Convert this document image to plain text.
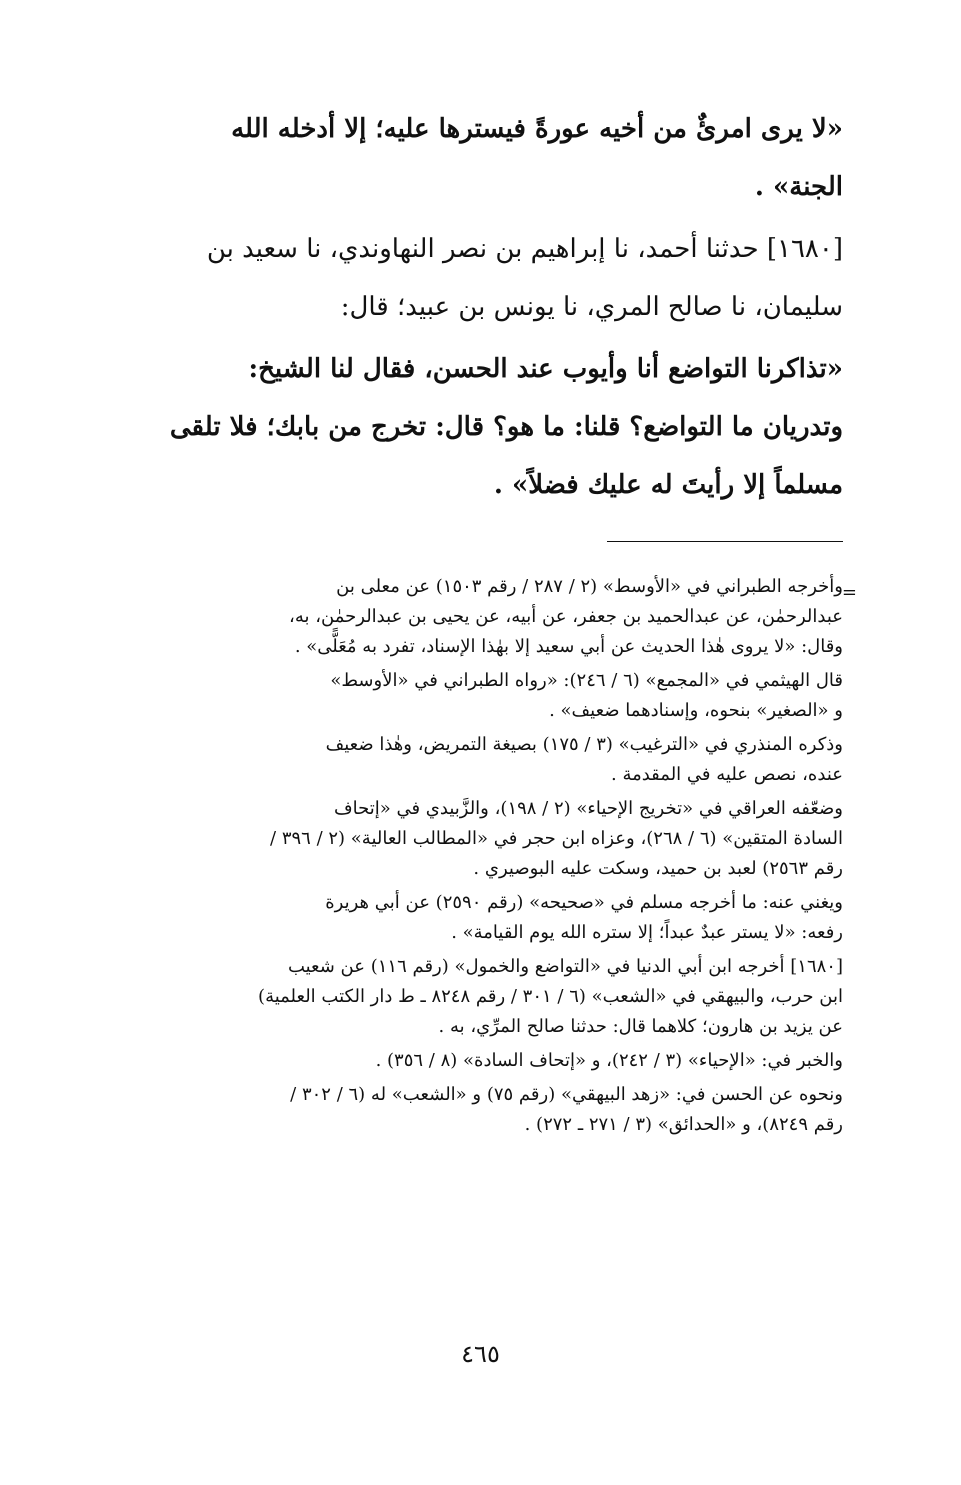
«لا يرى امرئٌ من أخيه عورةً فيسترها عليه؛ إلا أدخله الله

الجنة» .

[١٦٨٠] حدثنا أحمد، نا إبراهيم بن نصر النهاوندي، نا سعيد بن

سليمان، نا صالح المري، نا يونس بن عبيد؛ قال:

«تذاكرنا التواضع أنا وأيوب عند الحسن، فقال لنا الشيخ:

وتدريان ما التواضع؟ قلنا: ما هو؟ قال: تخرج من بابك؛ فلا تلقى

مسلماً إلا رأيتَ له عليك فضلاً» .

=

وأخرجه الطبراني في «الأوسط» (٢ / ٢٨٧ / رقم ١٥٠٣) عن معلى بن

عبدالرحمٰن، عن عبدالحميد بن جعفر، عن أبيه، عن يحيى بن عبدالرحمٰن، به،

وقال: «لا يروى هٰذا الحديث عن أبي سعيد إلا بهٰذا الإسناد، تفرد به مُعَلًّى» .

قال الهيثمي في «المجمع» (٦ / ٢٤٦): «رواه الطبراني في «الأوسط»

و «الصغير» بنحوه، وإسنادهما ضعيف» .

وذكره المنذري في «الترغيب» (٣ / ١٧٥) بصيغة التمريض، وهٰذا ضعيف

عنده، نصص عليه في المقدمة .

وضعّفه العراقي في «تخريج الإحياء» (٢ / ١٩٨)، والزَّبيدي في «إتحاف

السادة المتقين» (٦ / ٢٦٨)، وعزاه ابن حجر في «المطالب العالية» (٢ / ٣٩٦ /

رقم ٢٥٦٣) لعبد بن حميد، وسكت عليه البوصيري .

ويغني عنه: ما أخرجه مسلم في «صحيحه» (رقم ٢٥٩٠) عن أبي هريرة

رفعه: «لا يستر عبدٌ عبداً؛ إلا ستره الله يوم القيامة» .

[١٦٨٠] أخرجه ابن أبي الدنيا في «التواضع والخمول» (رقم ١١٦) عن شعيب

ابن حرب، والبيهقي في «الشعب» (٦ / ٣٠١ / رقم ٨٢٤٨ ـ ط دار الكتب العلمية)

عن يزيد بن هارون؛ كلاهما قال: حدثنا صالح المرِّي، به .

والخبر في: «الإحياء» (٣ / ٢٤٢)، و «إتحاف السادة» (٨ / ٣٥٦) .

ونحوه عن الحسن في: «زهد البيهقي» (رقم ٧٥) و «الشعب» له (٦ / ٣٠٢ /

رقم ٨٢٤٩)، و «الحدائق» (٣ / ٢٧١ ـ ٢٧٢) .

٤٦٥
